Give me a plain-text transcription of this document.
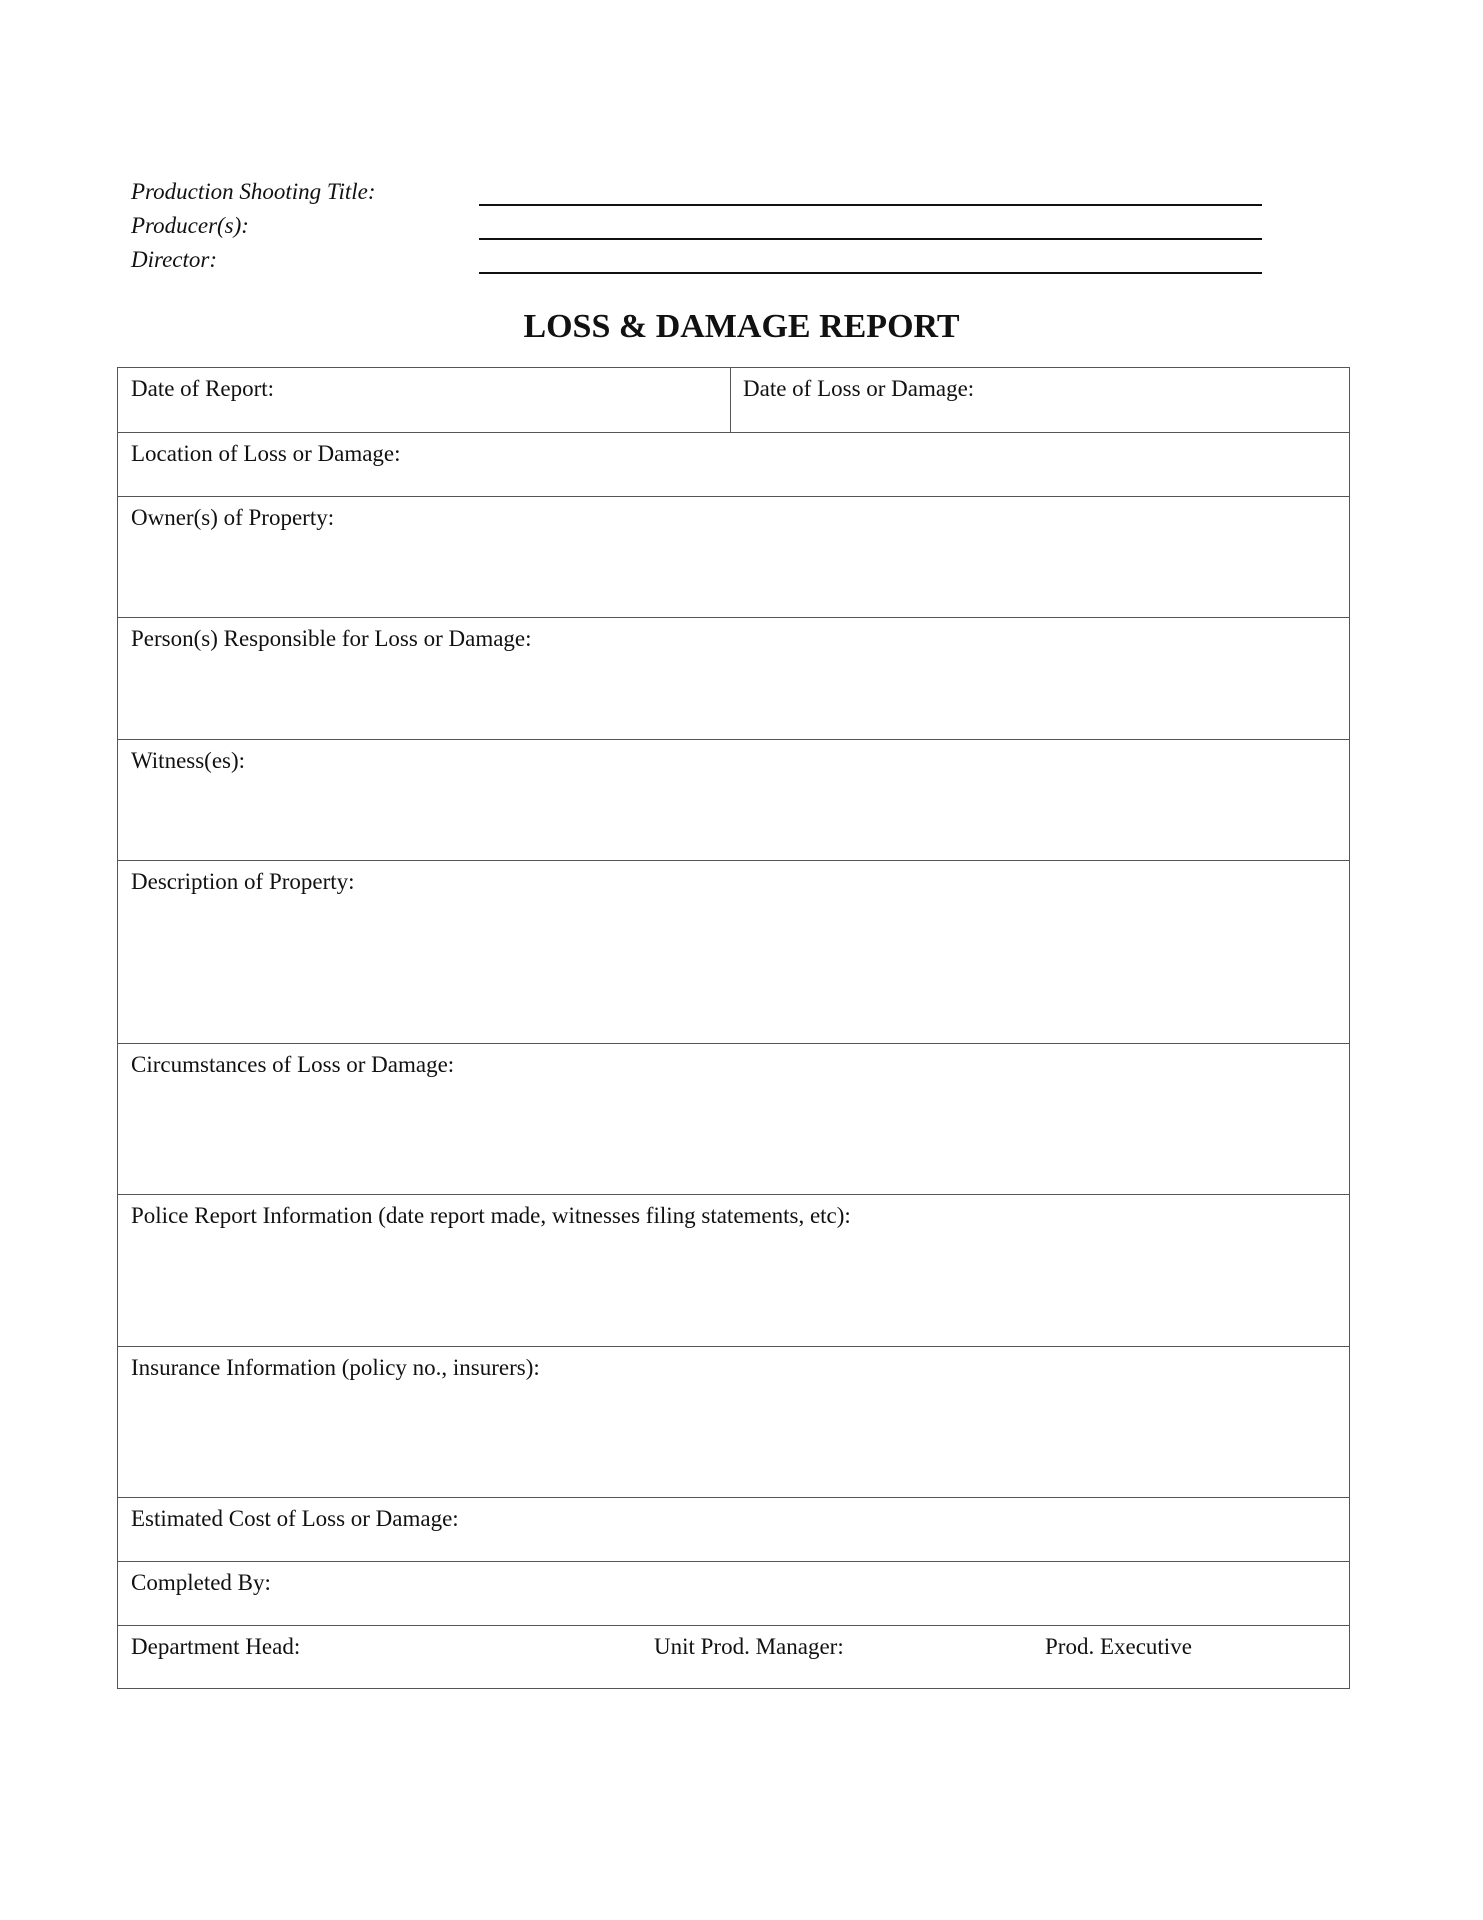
Production Shooting Title:
Producer(s):
Director:
LOSS & DAMAGE REPORT
Date of Report:	Date of Loss or Damage:
Location of Loss or Damage:
Owner(s) of Property:
Person(s) Responsible for Loss or Damage:
Witness(es):
Description of Property:
Circumstances of Loss or Damage:
Police Report Information (date report made, witnesses filing statements, etc):
Insurance Information (policy no., insurers):
Estimated Cost of Loss or Damage:
Completed By:
Department Head:	Unit Prod. Manager:	Prod. Executive
